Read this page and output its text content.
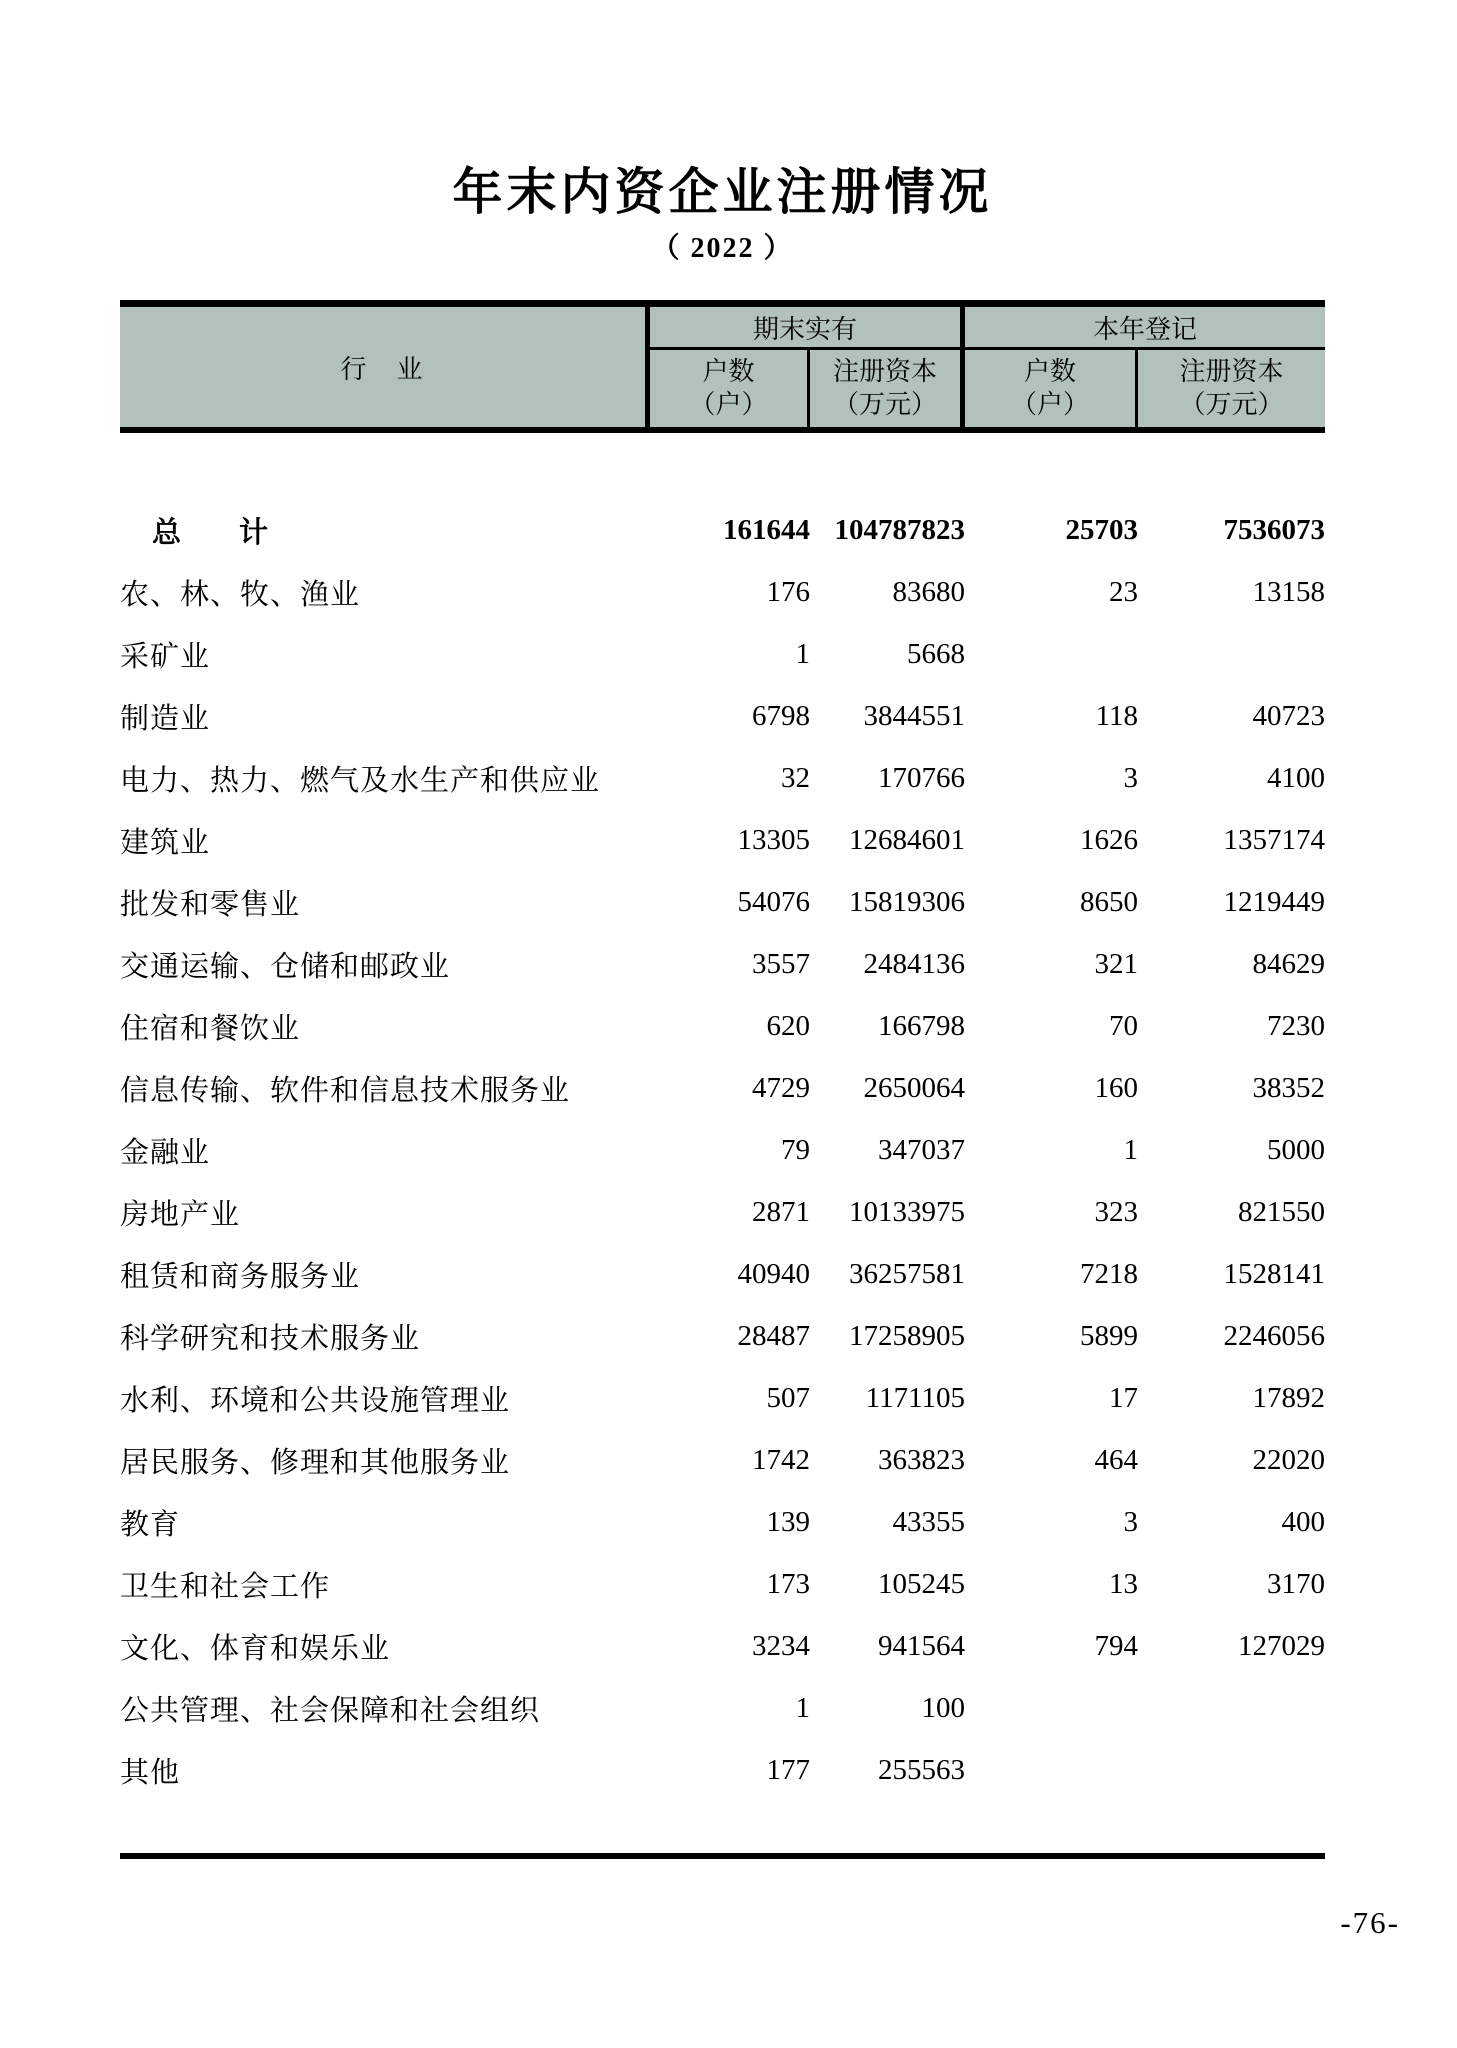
年末内资企业注册情况
（ 2022 ）
行　业
期末实有	本年登记
户数
（户）
注册资本
（万元）
户数
（户）
注册资本
（万元）
总　　计	161644	104787823	25703	7536073
农、林、牧、渔业	176	83680	23	13158
采矿业	1	5668		
制造业	6798	3844551	118	40723
电力、热力、燃气及水生产和供应业	32	170766	3	4100
建筑业	13305	12684601	1626	1357174
批发和零售业	54076	15819306	8650	1219449
交通运输、仓储和邮政业	3557	2484136	321	84629
住宿和餐饮业	620	166798	70	7230
信息传输、软件和信息技术服务业	4729	2650064	160	38352
金融业	79	347037	1	5000
房地产业	2871	10133975	323	821550
租赁和商务服务业	40940	36257581	7218	1528141
科学研究和技术服务业	28487	17258905	5899	2246056
水利、环境和公共设施管理业	507	1171105	17	17892
居民服务、修理和其他服务业	1742	363823	464	22020
教育	139	43355	3	400
卫生和社会工作	173	105245	13	3170
文化、体育和娱乐业	3234	941564	794	127029
公共管理、社会保障和社会组织	1	100		
其他	177	255563		
-76-
